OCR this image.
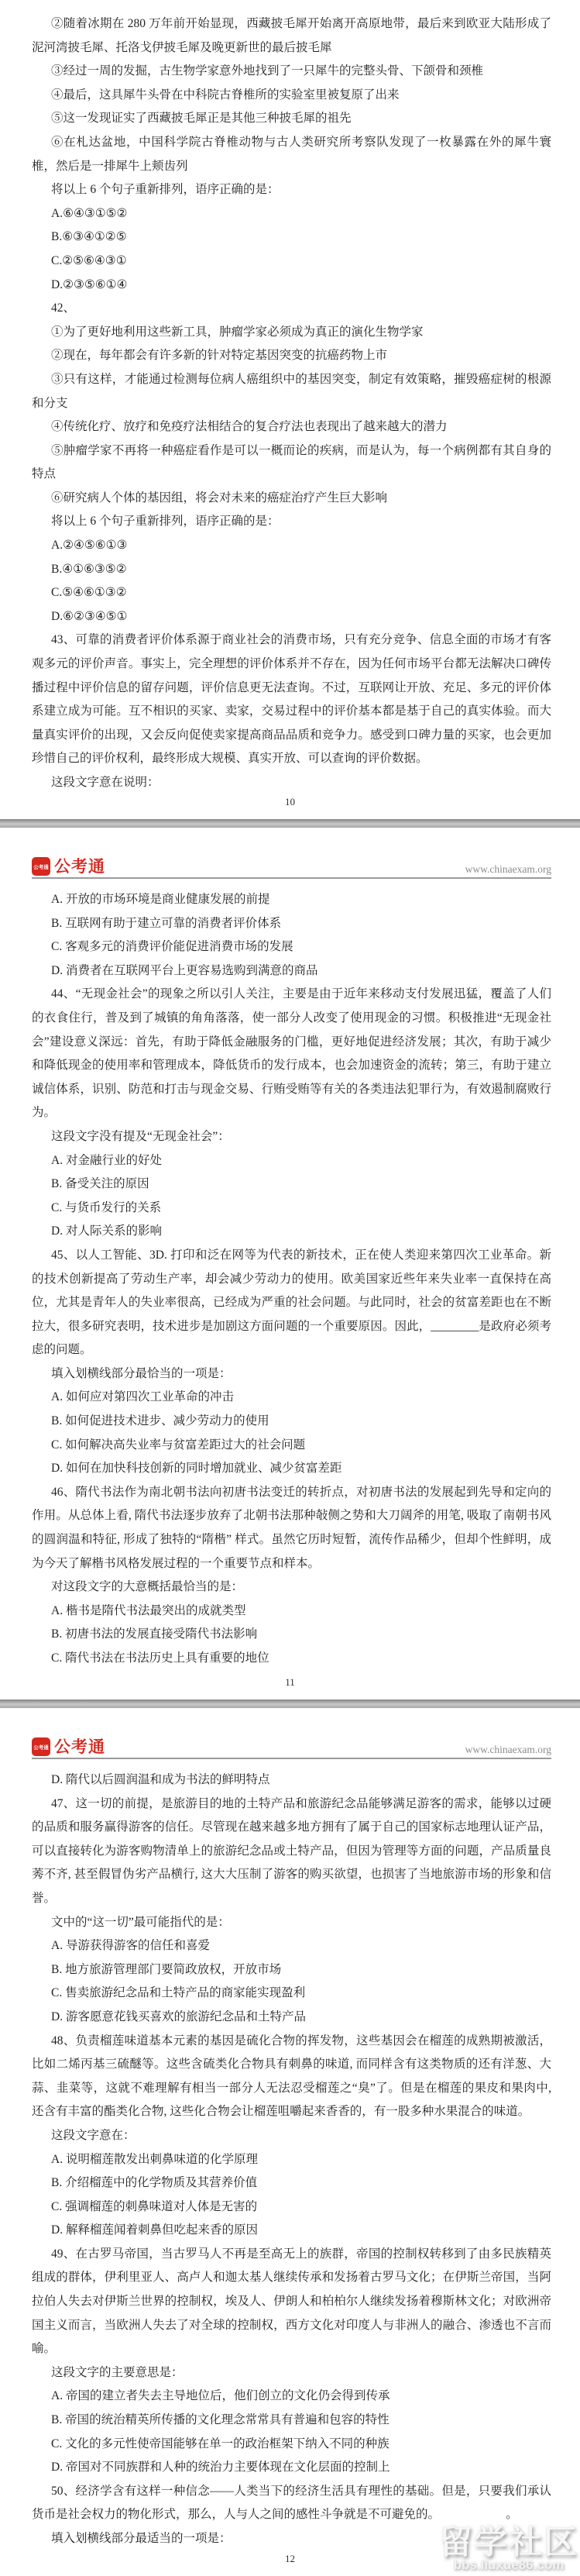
②随着冰期在 280 万年前开始显现，西藏披毛犀开始离开高原地带，最后来到欧亚大陆形成了泥河湾披毛犀、托洛戈伊披毛犀及晚更新世的最后披毛犀

③经过一周的发掘，古生物学家意外地找到了一只犀牛的完整头骨、下颌骨和颈椎

④最后，这具犀牛头骨在中科院古脊椎所的实验室里被复原了出来

⑤这一发现证实了西藏披毛犀正是其他三种披毛犀的祖先

⑥在札达盆地，中国科学院古脊椎动物与古人类研究所考察队发现了一枚暴露在外的犀牛寰椎，然后是一排犀牛上颊齿列

将以上 6 个句子重新排列，语序正确的是：

A.⑥④③①⑤②

B.⑥③④①②⑤

C.②⑤⑥④③①

D.②③⑤⑥①④

42、

①为了更好地利用这些新工具，肿瘤学家必须成为真正的演化生物学家

②现在，每年都会有许多新的针对特定基因突变的抗癌药物上市

③只有这样，才能通过检测每位病人癌组织中的基因突变，制定有效策略，摧毁癌症树的根源和分支

④传统化疗、放疗和免疫疗法相结合的复合疗法也表现出了越来越大的潜力

⑤肿瘤学家不再将一种癌症看作是可以一概而论的疾病，而是认为，每一个病例都有其自身的特点

⑥研究病人个体的基因组，将会对未来的癌症治疗产生巨大影响

将以上 6 个句子重新排列，语序正确的是：

A.②④⑤⑥①③

B.④①⑥③⑤②

C.⑤④⑥①③②

D.⑥②③④⑤①

43、可靠的消费者评价体系源于商业社会的消费市场，只有充分竞争、信息全面的市场才有客观多元的评价声音。事实上，完全理想的评价体系并不存在，因为任何市场平台都无法解决口碑传播过程中评价信息的留存问题，评价信息更无法查询。不过，互联网让开放、充足、多元的评价体系建立成为可能。互不相识的买家、卖家，交易过程中的评价基本都是基于自己的真实体验。而大量真实评价的出现，又会反向促使卖家提高商品品质和竞争力。感受到口碑力量的买家，也会更加珍惜自己的评价权利，最终形成大规模、真实开放、可以查询的评价数据。

这段文字意在说明：

10
公考通 公考通	www.chinaexam.org

A. 开放的市场环境是商业健康发展的前提

B. 互联网有助于建立可靠的消费者评价体系

C. 客观多元的消费评价能促进消费市场的发展

D. 消费者在互联网平台上更容易选购到满意的商品

44、“无现金社会”的现象之所以引人关注，主要是由于近年来移动支付发展迅猛，覆盖了人们的衣食住行，普及到了城镇的角角落落，使一部分人改变了使用现金的习惯。积极推进“无现金社会”建设意义深远：首先，有助于降低金融服务的门槛，更好地促进经济发展；其次，有助于减少和降低现金的使用率和管理成本，降低货币的发行成本，也会加速资金的流转；第三，有助于建立诚信体系，识别、防范和打击与现金交易、行贿受贿等有关的各类违法犯罪行为，有效遏制腐败行为。

这段文字没有提及“无现金社会”：

A. 对金融行业的好处

B. 备受关注的原因

C. 与货币发行的关系

D. 对人际关系的影响

45、以人工智能、3D. 打印和泛在网等为代表的新技术，正在使人类迎来第四次工业革命。新的技术创新提高了劳动生产率，却会减少劳动力的使用。欧美国家近些年来失业率一直保持在高位，尤其是青年人的失业率很高，已经成为严重的社会问题。与此同时，社会的贫富差距也在不断拉大，很多研究表明，技术进步是加剧这方面问题的一个重要原因。因此，________是政府必须考虑的问题。

填入划横线部分最恰当的一项是：

A. 如何应对第四次工业革命的冲击

B. 如何促进技术进步、减少劳动力的使用

C. 如何解决高失业率与贫富差距过大的社会问题

D. 如何在加快科技创新的同时增加就业、减少贫富差距

46、隋代书法作为南北朝书法向初唐书法变迁的转折点，对初唐书法的发展起到先导和定向的作用。从总体上看, 隋代书法逐步放弃了北朝书法那种敧侧之势和大刀阔斧的用笔, 吸取了南朝书风的圆润温和特征, 形成了独特的“隋楷” 样式。虽然它历时短暂，流传作品稀少，但却个性鲜明，成为今天了解楷书风格发展过程的一个重要节点和样本。

对这段文字的大意概括最恰当的是：

A. 楷书是隋代书法最突出的成就类型

B. 初唐书法的发展直接受隋代书法影响

C. 隋代书法在书法历史上具有重要的地位

11
公考通 公考通	www.chinaexam.org

D. 隋代以后圆润温和成为书法的鲜明特点

47、这一切的前提，是旅游目的地的土特产品和旅游纪念品能够满足游客的需求，能够以过硬的品质和服务赢得游客的信任。尽管现在越来越多地方拥有了属于自己的国家标志地理认证产品，可以直接转化为游客购物清单上的旅游纪念品或土特产品，但因为管理等方面的问题，产品质量良莠不齐, 甚至假冒伪劣产品横行, 这大大压制了游客的购买欲望，也损害了当地旅游市场的形象和信誉。

文中的“这一切”最可能指代的是：

A. 导游获得游客的信任和喜爱

B. 地方旅游管理部门要简政放权，开放市场

C. 售卖旅游纪念品和土特产品的商家能实现盈利

D. 游客愿意花钱买喜欢的旅游纪念品和土特产品

48、负责榴莲味道基本元素的基因是硫化合物的挥发物，这些基因会在榴莲的成熟期被激活，比如二烯丙基三硫醚等。这些含硫类化合物具有刺鼻的味道, 而同样含有这类物质的还有洋葱、大蒜、韭菜等，这就不难理解有相当一部分人无法忍受榴莲之“臭”了。但是在榴莲的果皮和果肉中, 还含有丰富的酯类化合物, 这些化合物会让榴莲咀嚼起来香香的，有一股多种水果混合的味道。

这段文字意在：

A. 说明榴莲散发出刺鼻味道的化学原理

B. 介绍榴莲中的化学物质及其营养价值

C. 强调榴莲的刺鼻味道对人体是无害的

D. 解释榴莲闻着刺鼻但吃起来香的原因

49、在古罗马帝国，当古罗马人不再是至高无上的族群，帝国的控制权转移到了由多民族精英组成的群体，伊利里亚人、高卢人和迦太基人继续传承和发扬着古罗马文化；在伊斯兰帝国，当阿拉伯人失去对伊斯兰世界的控制权，埃及人、伊朗人和柏柏尔人继续发扬着穆斯林文化；对欧洲帝国主义而言，当欧洲人失去了对全球的控制权，西方文化对印度人与非洲人的融合、渗透也不言而喻。

这段文字的主要意思是：

A. 帝国的建立者失去主导地位后，他们创立的文化仍会得到传承

B. 帝国的统治精英所传播的文化理念常常具有普遍和包容的特性

C. 文化的多元性使帝国能够在单一的政治框架下纳入不同的种族

D. 帝国对不同族群和人种的统治力主要体现在文化层面的控制上

50、经济学含有这样一种信念——人类当下的经济生活具有理性的基础。但是，只要我们承认货币是社会权力的物化形式，那么，人与人之间的感性斗争就是不可避免的。　　　　　　。

填入划横线部分最适当的一项是：	留学社区
bbs.liuxue86.com
12
